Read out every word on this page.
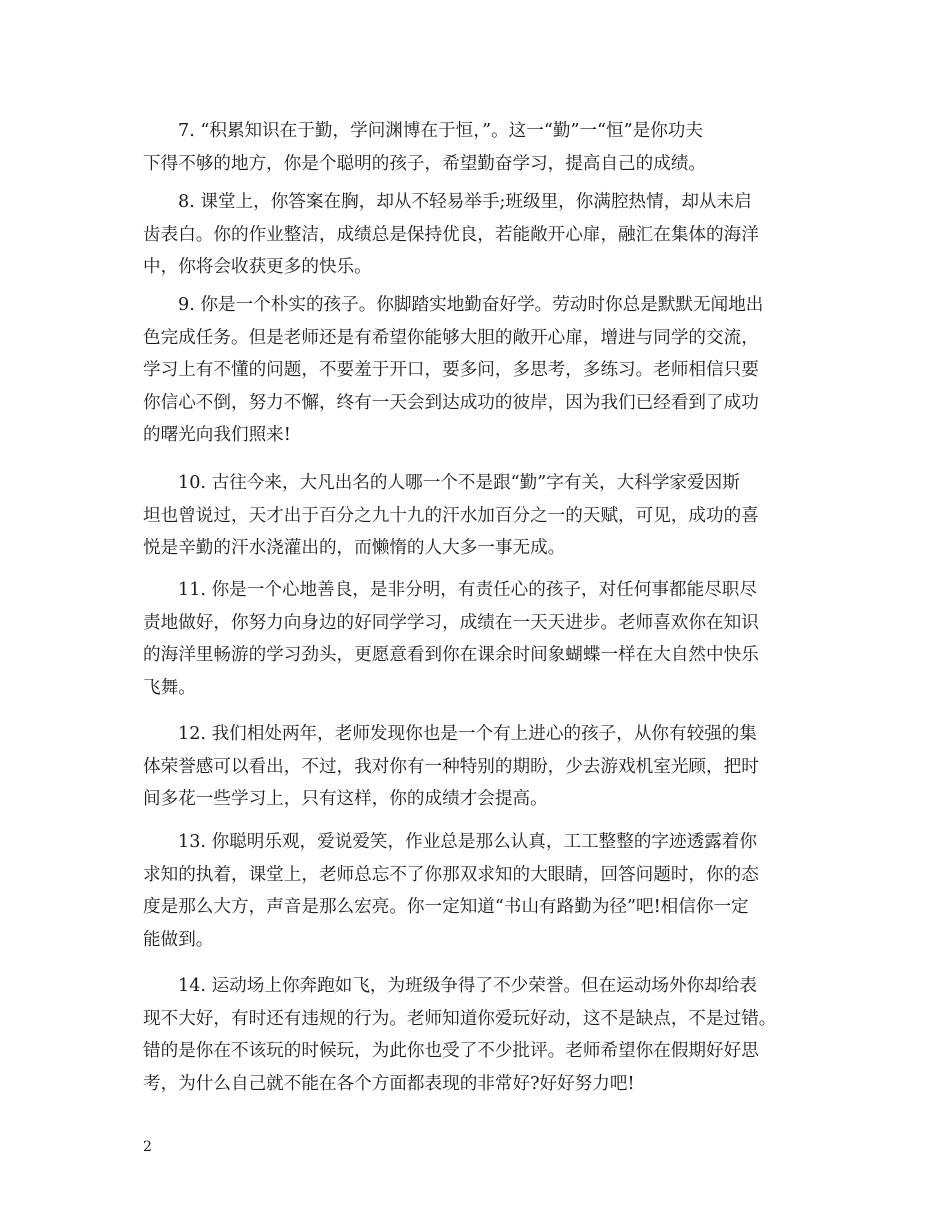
7. “积累知识在于勤，学问渊博在于恒，”。这一“勤”一“恒”是你功夫
下得不够的地方，你是个聪明的孩子，希望勤奋学习，提高自己的成绩。
8. 课堂上，你答案在胸，却从不轻易举手;班级里，你满腔热情，却从未启
齿表白。你的作业整洁，成绩总是保持优良，若能敞开心扉，融汇在集体的海洋
中，你将会收获更多的快乐。
9. 你是一个朴实的孩子。你脚踏实地勤奋好学。劳动时你总是默默无闻地出
色完成任务。但是老师还是有希望你能够大胆的敞开心扉，增进与同学的交流，
学习上有不懂的问题，不要羞于开口，要多问，多思考，多练习。老师相信只要
你信心不倒，努力不懈，终有一天会到达成功的彼岸，因为我们已经看到了成功
的曙光向我们照来!
10. 古往今来，大凡出名的人哪一个不是跟“勤”字有关，大科学家爱因斯
坦也曾说过，天才出于百分之九十九的汗水加百分之一的天赋，可见，成功的喜
悦是辛勤的汗水浇灌出的，而懒惰的人大多一事无成。
11. 你是一个心地善良，是非分明，有责任心的孩子，对任何事都能尽职尽
责地做好，你努力向身边的好同学学习，成绩在一天天进步。老师喜欢你在知识
的海洋里畅游的学习劲头，更愿意看到你在课余时间象蝴蝶一样在大自然中快乐
飞舞。
12. 我们相处两年，老师发现你也是一个有上进心的孩子，从你有较强的集
体荣誉感可以看出，不过，我对你有一种特别的期盼，少去游戏机室光顾，把时
间多花一些学习上，只有这样，你的成绩才会提高。
13. 你聪明乐观，爱说爱笑，作业总是那么认真，工工整整的字迹透露着你
求知的执着，课堂上，老师总忘不了你那双求知的大眼睛，回答问题时，你的态
度是那么大方，声音是那么宏亮。你一定知道“书山有路勤为径”吧!相信你一定
能做到。
14. 运动场上你奔跑如飞，为班级争得了不少荣誉。但在运动场外你却给表
现不大好，有时还有违规的行为。老师知道你爱玩好动，这不是缺点，不是过错。
错的是你在不该玩的时候玩，为此你也受了不少批评。老师希望你在假期好好思
考，为什么自己就不能在各个方面都表现的非常好?好好努力吧!
2
